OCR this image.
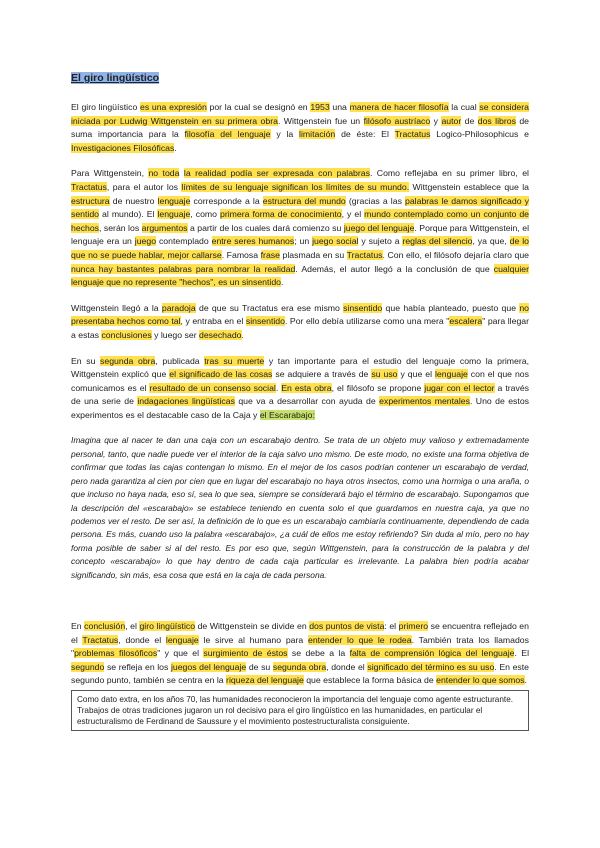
El giro lingüístico

El giro lingüístico es una expresión por la cual se designó en 1953 una manera de hacer filosofía la cual se considera iniciada por Ludwig Wittgenstein en su primera obra. Wittgenstein fue un filósofo austríaco y autor de dos libros de suma importancia para la filosofía del lenguaje y la limitación de éste: El Tractatus Logico-Philosophicus e Investigaciones Filosóficas.

Para Wittgenstein, no toda la realidad podía ser expresada con palabras. Como reflejaba en su primer libro, el Tractatus, para el autor los límites de su lenguaje significan los límites de su mundo. Wittgenstein establece que la estructura de nuestro lenguaje corresponde a la estructura del mundo (gracias a las palabras le damos significado y sentido al mundo). El lenguaje, como primera forma de conocimiento, y el mundo contemplado como un conjunto de hechos, serán los argumentos a partir de los cuales dará comienzo su juego del lenguaje. Porque para Wittgenstein, el lenguaje era un juego contemplado entre seres humanos; un juego social y sujeto a reglas del silencio, ya que, de lo que no se puede hablar, mejor callarse. Famosa frase plasmada en su Tractatus. Con ello, el filósofo dejaría claro que nunca hay bastantes palabras para nombrar la realidad. Además, el autor llegó a la conclusión de que cualquier lenguaje que no represente "hechos", es un sinsentido.

Wittgenstein llegó a la paradoja de que su Tractatus era ese mismo sinsentido que había planteado, puesto que no presentaba hechos como tal, y entraba en el sinsentido. Por ello debía utilizarse como una mera "escalera" para llegar a estas conclusiones y luego ser desechado.

En su segunda obra, publicada tras su muerte y tan importante para el estudio del lenguaje como la primera, Wittgenstein explicó que el significado de las cosas se adquiere a través de su uso y que el lenguaje con el que nos comunicamos es el resultado de un consenso social. En esta obra, el filósofo se propone jugar con el lector a través de una serie de indagaciones lingüísticas que va a desarrollar con ayuda de experimentos mentales. Uno de estos experimentos es el destacable caso de la Caja y el Escarabajo:

Imagina que al nacer te dan una caja con un escarabajo dentro. Se trata de un objeto muy valioso y extremadamente personal, tanto, que nadie puede ver el interior de la caja salvo uno mismo. De este modo, no existe una forma objetiva de confirmar que todas las cajas contengan lo mismo. En el mejor de los casos podrían contener un escarabajo de verdad, pero nada garantiza al cien por cien que en lugar del escarabajo no haya otros insectos, como una hormiga o una araña, o que incluso no haya nada, eso sí, sea lo que sea, siempre se considerará bajo el término de escarabajo. Supongamos que la descripción del «escarabajo» se establece teniendo en cuenta solo el que guardamos en nuestra caja, ya que no podemos ver el resto. De ser así, la definición de lo que es un escarabajo cambiaría continuamente, dependiendo de cada persona. Es más, cuando uso la palabra «escarabajo», ¿a cuál de ellos me estoy refiriendo? Sin duda al mío, pero no hay forma posible de saber si al del resto. Es por eso que, según Wittgenstein, para la construcción de la palabra y del concepto «escarabajo» lo que hay dentro de cada caja particular es irrelevante. La palabra bien podría acabar significando, sin más, esa cosa que está en la caja de cada persona.

En conclusión, el giro lingüístico de Wittgenstein se divide en dos puntos de vista: el primero se encuentra reflejado en el Tractatus, donde el lenguaje le sirve al humano para entender lo que le rodea. También trata los llamados "problemas filosóficos" y que el surgimiento de éstos se debe a la falta de comprensión lógica del lenguaje. El segundo se refleja en los juegos del lenguaje de su segunda obra, donde el significado del término es su uso. En este segundo punto, también se centra en la riqueza del lenguaje que establece la forma básica de entender lo que somos.

Como dato extra, en los años 70, las humanidades reconocieron la importancia del lenguaje como agente estructurante. Trabajos de otras tradiciones jugaron un rol decisivo para el giro lingüístico en las humanidades, en particular el estructuralismo de Ferdinand de Saussure y el movimiento postestructuralista consiguiente.
